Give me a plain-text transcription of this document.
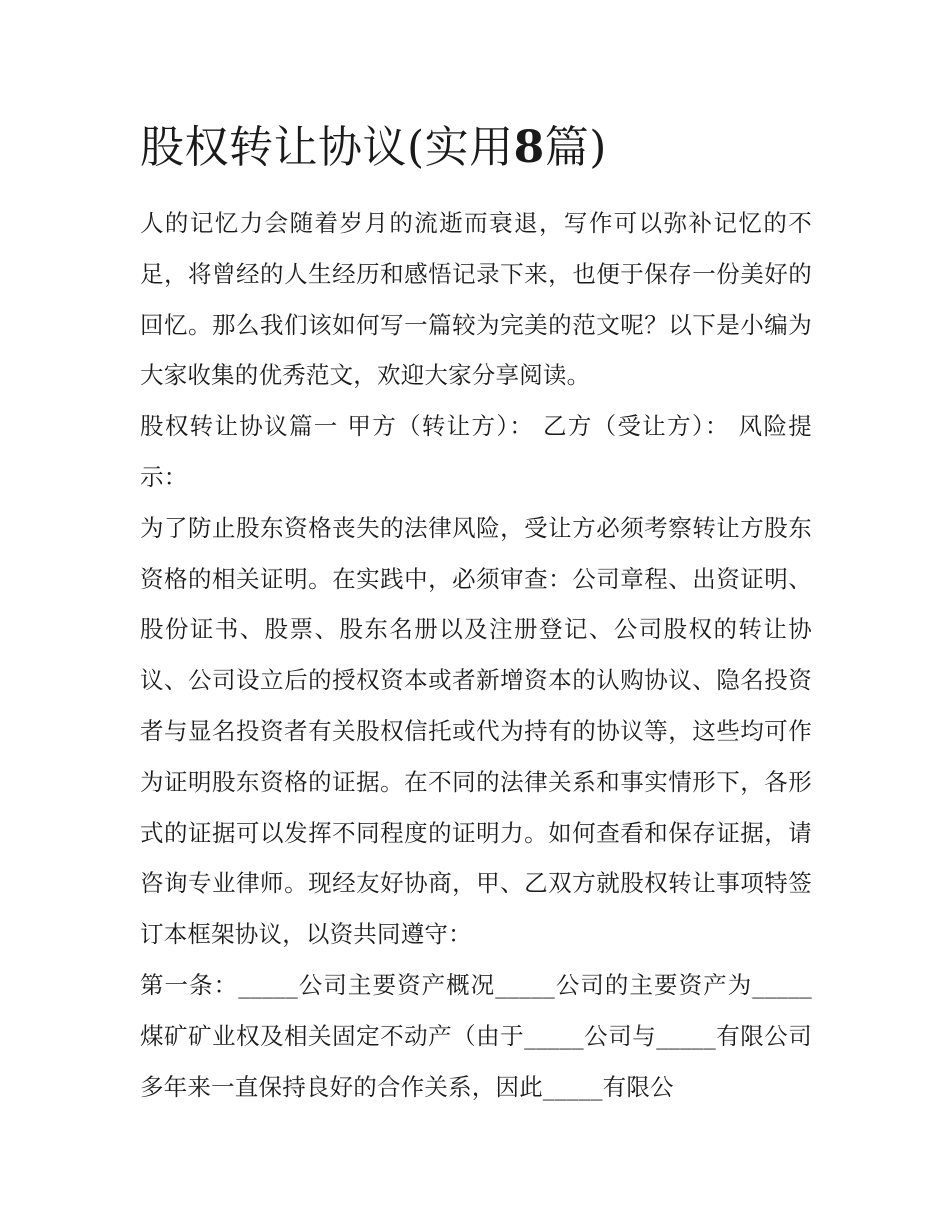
股权转让协议(实用8篇)

人的记忆力会随着岁月的流逝而衰退，写作可以弥补记忆的不足，将曾经的人生经历和感悟记录下来，也便于保存一份美好的回忆。那么我们该如何写一篇较为完美的范文呢？以下是小编为大家收集的优秀范文，欢迎大家分享阅读。

股权转让协议篇一 甲方（转让方）： 乙方（受让方）： 风险提示：

为了防止股东资格丧失的法律风险，受让方必须考察转让方股东资格的相关证明。在实践中，必须审查：公司章程、出资证明、股份证书、股票、股东名册以及注册登记、公司股权的转让协议、公司设立后的授权资本或者新增资本的认购协议、隐名投资者与显名投资者有关股权信托或代为持有的协议等，这些均可作为证明股东资格的证据。在不同的法律关系和事实情形下，各形式的证据可以发挥不同程度的证明力。如何查看和保存证据，请咨询专业律师。现经友好协商，甲、乙双方就股权转让事项特签订本框架协议，以资共同遵守：

第一条：_____公司主要资产概况_____公司的主要资产为_____煤矿矿业权及相关固定不动产（由于_____公司与_____有限公司多年来一直保持良好的合作关系，因此_____有限公
